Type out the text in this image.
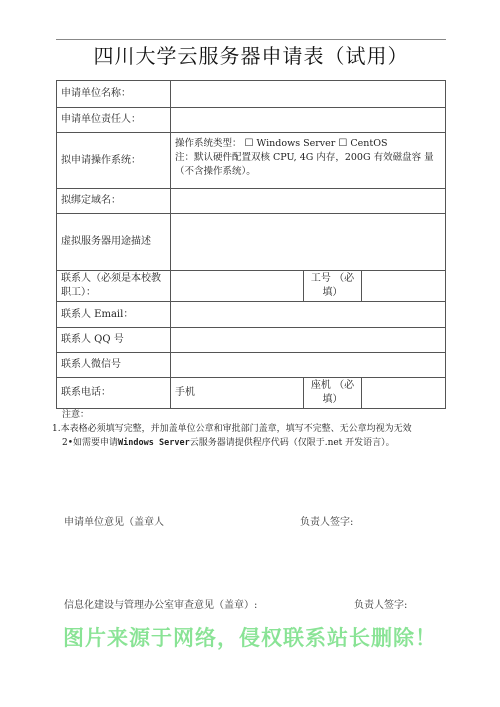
四川大学云服务器申请表（试用）
申请单位名称：			
申请单位责任人：			
拟申请操作系统：	操作系统类型： ☐ Windows Server ☐ CentOS
注：默认硬件配置双核 CPU, 4G 内存，200G 有效磁盘容 量
（不含操作系统）。		

拟绑定域名：			
虚拟服务器用途描述			
联系人（必须是本校教职工）：		工号 （必填）	
联系人 Email：			
联系人 QQ 号			
联系人微信号			
联系电话：	手机	座机 （必填）	
注意：
1.本表格必须填写完整，并加盖单位公章和审批部门盖章，填写不完整、无公章均视为无效
2•如需要申请Windows Server云服务器请提供程序代码（仅限于.net 开发语言）。
申请单位意见（盖章人	负责人签字:
信息化建设与管理办公室审查意见（盖章）:	负责人签字:
图片来源于网络，侵权联系站长删除！
